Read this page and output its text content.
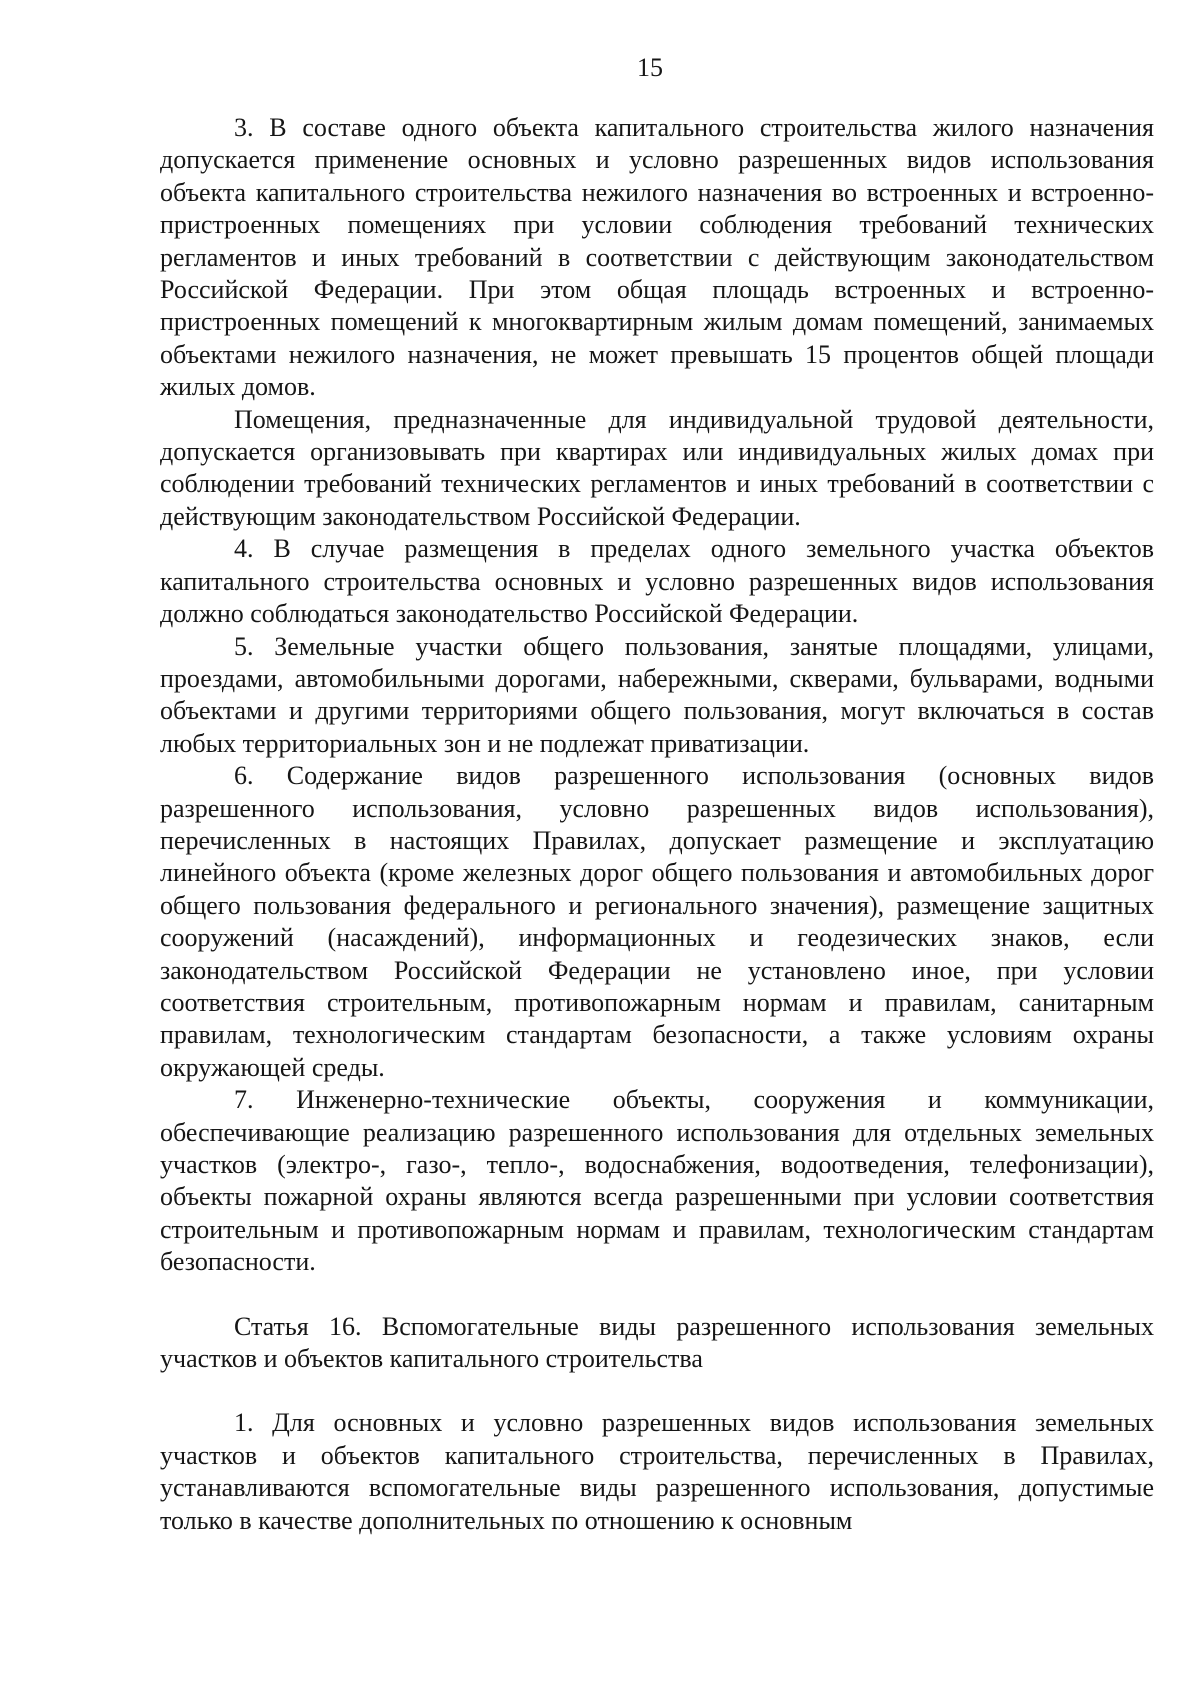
15

3. В составе одного объекта капитального строительства жилого назначения допускается применение основных и условно разрешенных видов использования объекта капитального строительства нежилого назначения во встроенных и встроенно-пристроенных помещениях при условии соблюдения требований технических регламентов и иных требований в соответствии с действующим законодательством Российской Федерации. При этом общая площадь встроенных и встроенно-пристроенных помещений к многоквартирным жилым домам помещений, занимаемых объектами нежилого назначения, не может превышать 15 процентов общей площади жилых домов.

Помещения, предназначенные для индивидуальной трудовой деятельности, допускается организовывать при квартирах или индивидуальных жилых домах при соблюдении требований технических регламентов и иных требований в соответствии с действующим законодательством Российской Федерации.

4. В случае размещения в пределах одного земельного участка объектов капитального строительства основных и условно разрешенных видов использования должно соблюдаться законодательство Российской Федерации.

5. Земельные участки общего пользования, занятые площадями, улицами, проездами, автомобильными дорогами, набережными, скверами, бульварами, водными объектами и другими территориями общего пользования, могут включаться в состав любых территориальных зон и не подлежат приватизации.

6. Содержание видов разрешенного использования (основных видов разрешенного использования, условно разрешенных видов использования), перечисленных в настоящих Правилах, допускает размещение и эксплуатацию линейного объекта (кроме железных дорог общего пользования и автомобильных дорог общего пользования федерального и регионального значения), размещение защитных сооружений (насаждений), информационных и геодезических знаков, если законодательством Российской Федерации не установлено иное, при условии соответствия строительным, противопожарным нормам и правилам, санитарным правилам, технологическим стандартам безопасности, а также условиям охраны окружающей среды.

7. Инженерно-технические объекты, сооружения и коммуникации, обеспечивающие реализацию разрешенного использования для отдельных земельных участков (электро-, газо-, тепло-, водоснабжения, водоотведения, телефонизации), объекты пожарной охраны являются всегда разрешенными при условии соответствия строительным и противопожарным нормам и правилам, технологическим стандартам безопасности.

Статья 16. Вспомогательные виды разрешенного использования земельных участков и объектов капитального строительства

1. Для основных и условно разрешенных видов использования земельных участков и объектов капитального строительства, перечисленных в Правилах, устанавливаются вспомогательные виды разрешенного использования, допустимые только в качестве дополнительных по отношению к основным
